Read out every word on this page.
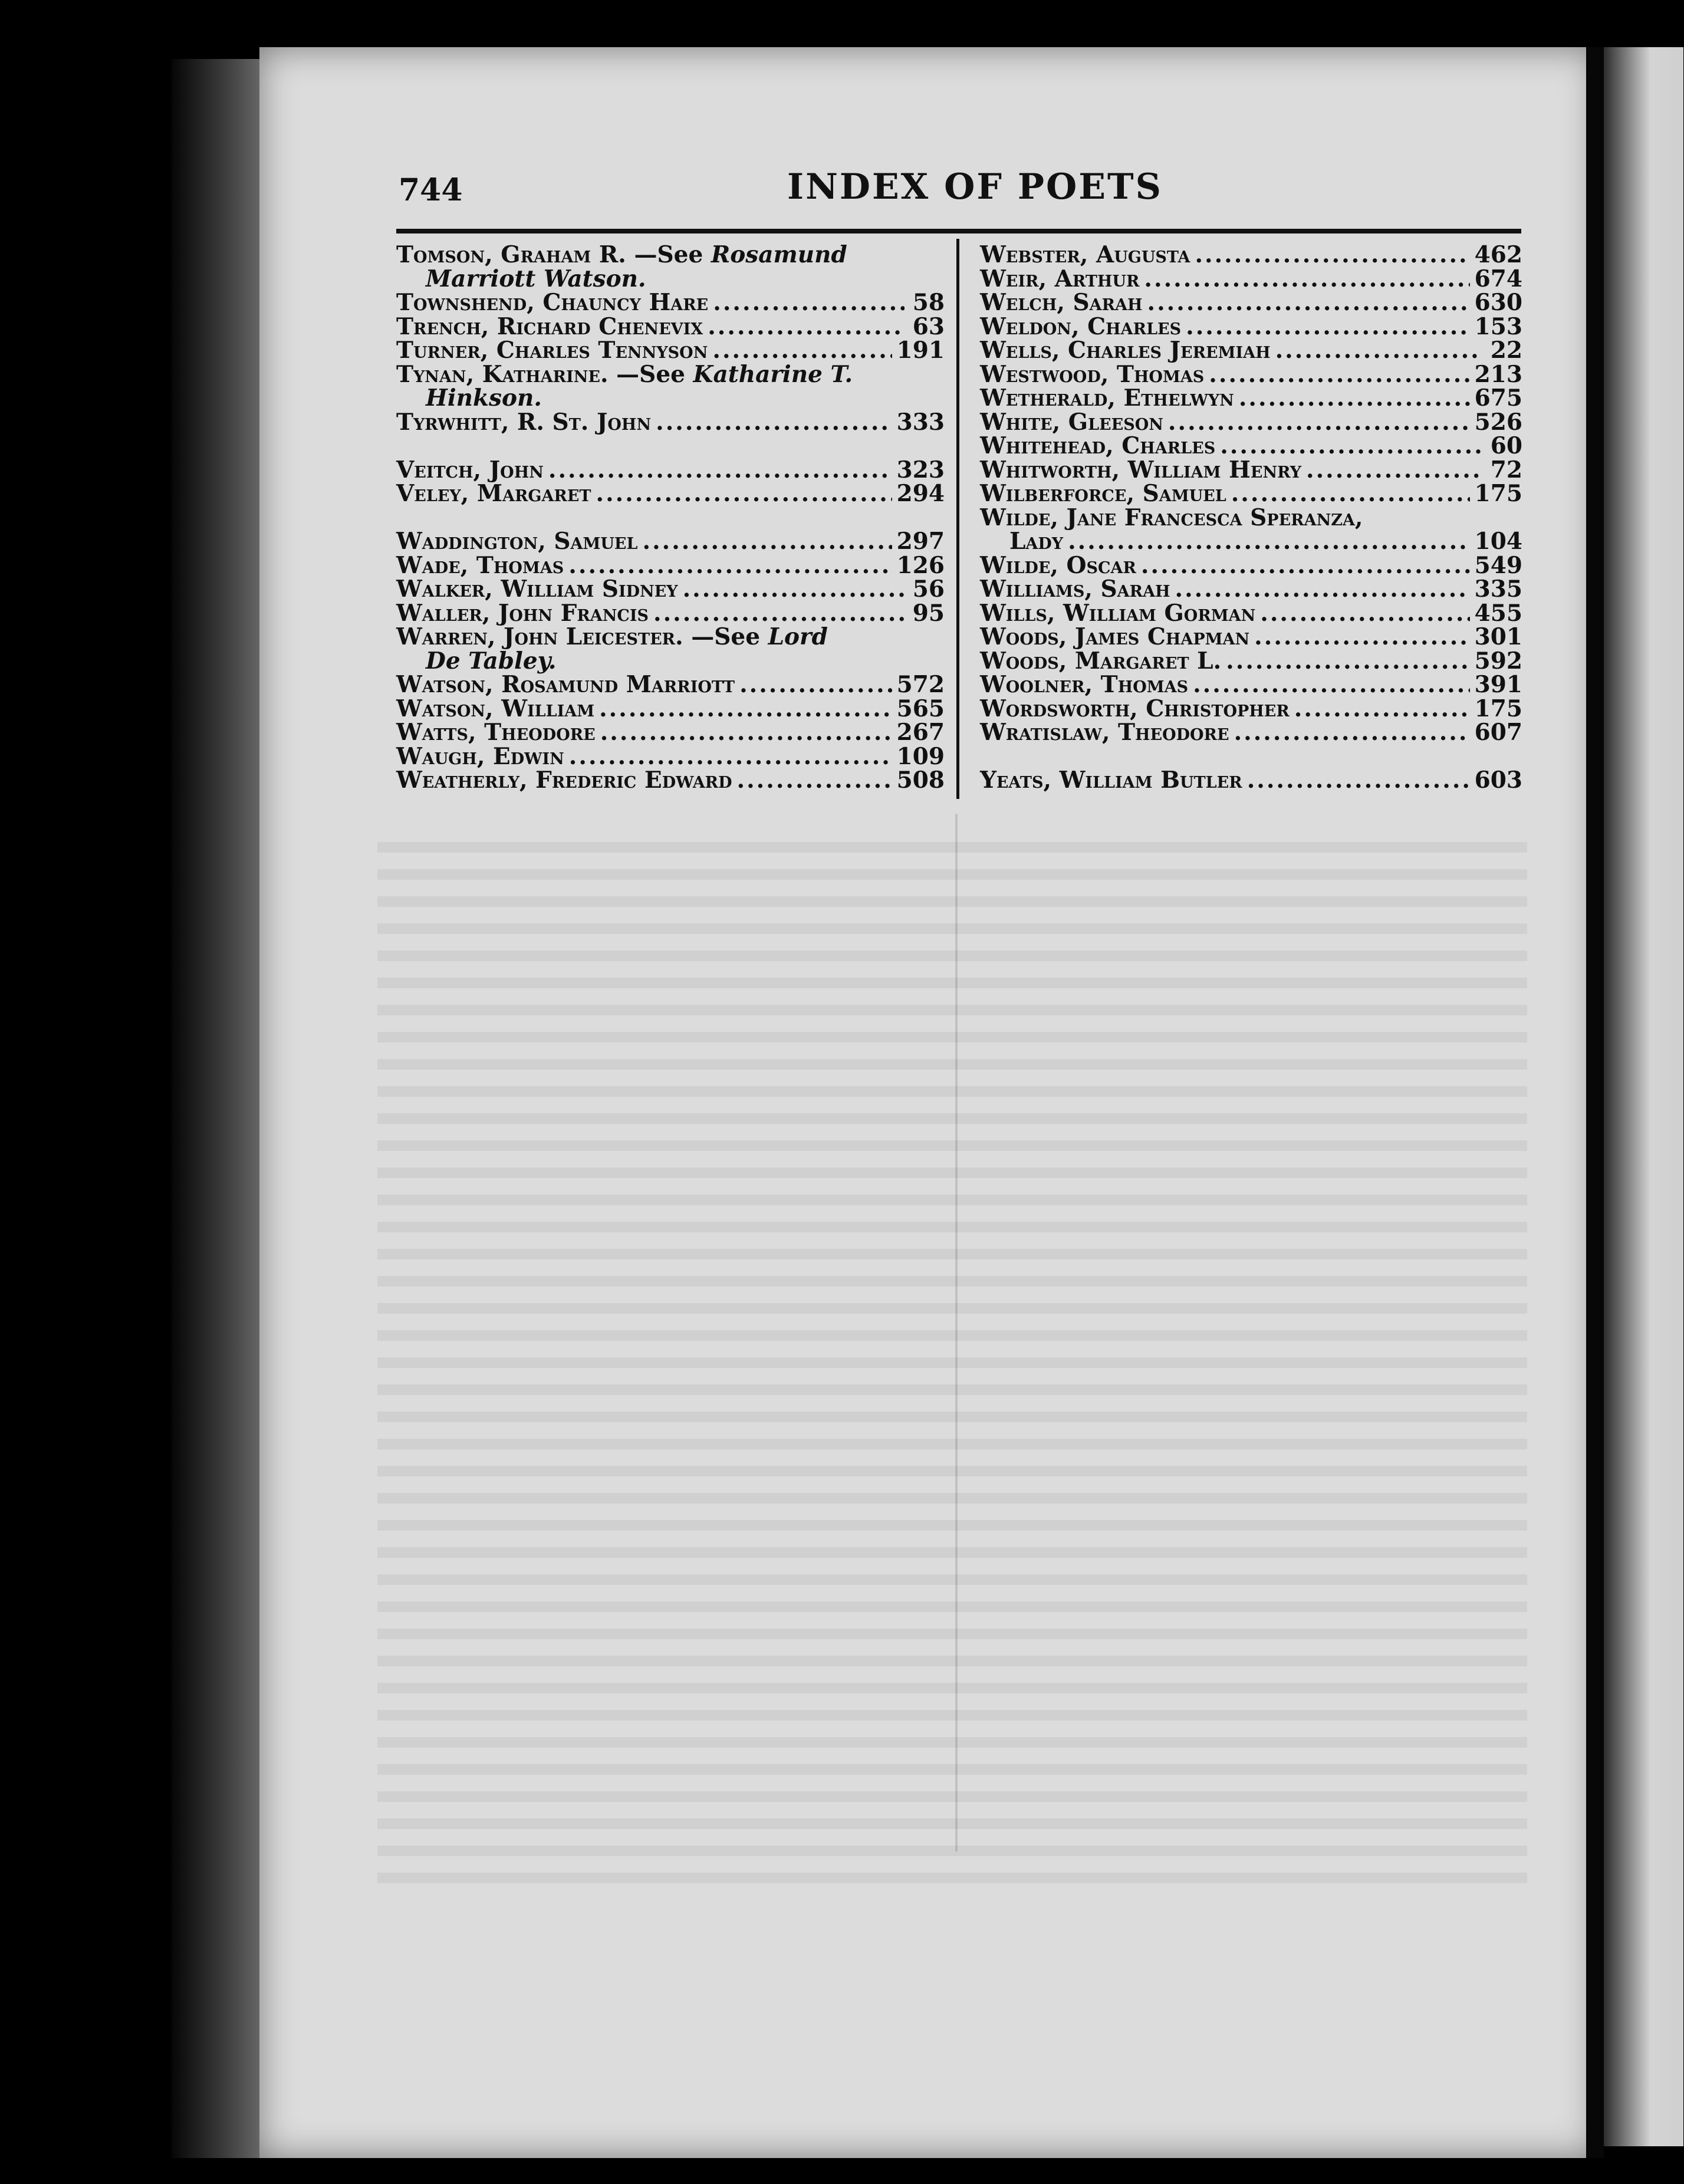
744	INDEX OF POETS
Tomson, Graham R. —See Rosamund
Marriott Watson.
Townshend, Chauncy Hare .....	58
Trench, Richard Chenevix .....	63
Turner, Charles Tennyson .....	191
Tynan, Katharine. —See Katharine T.
Hinkson.
Tyrwhitt, R. St. John .....	333
Veitch, John .....	323
Veley, Margaret .....	294
Waddington, Samuel .....	297
Wade, Thomas .....	126
Walker, William Sidney .....	56
Waller, John Francis .....	95
Warren, John Leicester. —See Lord
De Tabley.
Watson, Rosamund Marriott .....	572
Watson, William .....	565
Watts, Theodore .....	267
Waugh, Edwin .....	109
Weatherly, Frederic Edward .....	508
Webster, Augusta .....	462
Weir, Arthur .....	674
Welch, Sarah .....	630
Weldon, Charles .....	153
Wells, Charles Jeremiah .....	22
Westwood, Thomas .....	213
Wetherald, Ethelwyn .....	675
White, Gleeson .....	526
Whitehead, Charles .....	60
Whitworth, William Henry .....	72
Wilberforce, Samuel .....	175
Wilde, Jane Francesca Speranza,
Lady .....	104
Wilde, Oscar .....	549
Williams, Sarah .....	335
Wills, William Gorman .....	455
Woods, James Chapman .....	301
Woods, Margaret L. .....	592
Woolner, Thomas .....	391
Wordsworth, Christopher .....	175
Wratislaw, Theodore .....	607
Yeats, William Butler .....	603
